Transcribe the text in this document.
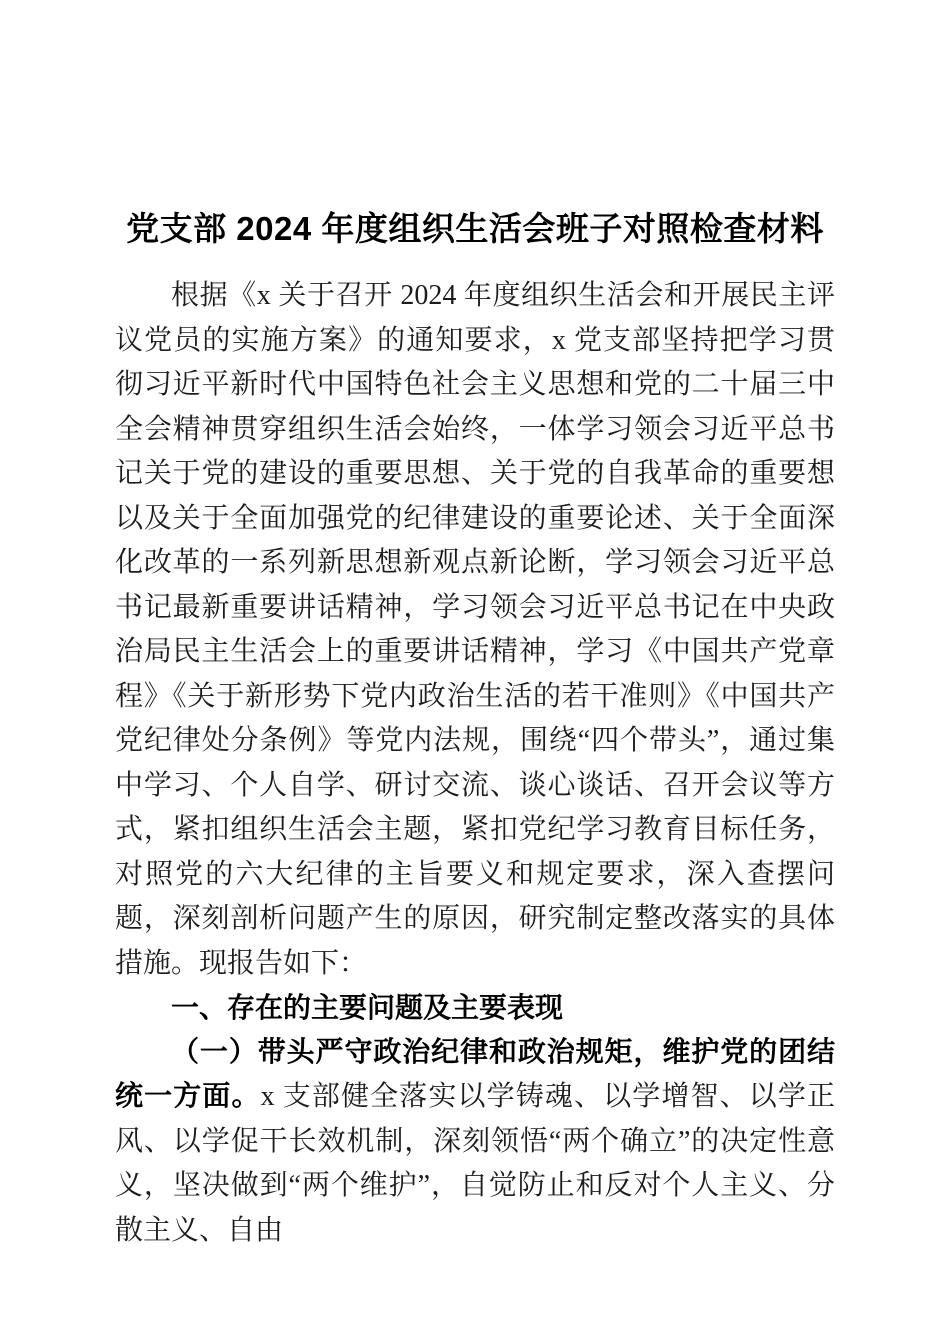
党支部 2024 年度组织生活会班子对照检查材料

根据《x 关于召开 2024 年度组织生活会和开展民主评议党员的实施方案》的通知要求，x 党支部坚持把学习贯彻习近平新时代中国特色社会主义思想和党的二十届三中全会精神贯穿组织生活会始终，一体学习领会习近平总书记关于党的建设的重要思想、关于党的自我革命的重要想以及关于全面加强党的纪律建设的重要论述、关于全面深化改革的一系列新思想新观点新论断，学习领会习近平总书记最新重要讲话精神，学习领会习近平总书记在中央政治局民主生活会上的重要讲话精神，学习《中国共产党章程》《关于新形势下党内政治生活的若干准则》《中国共产党纪律处分条例》等党内法规，围绕“四个带头”，通过集中学习、个人自学、研讨交流、谈心谈话、召开会议等方式，紧扣组织生活会主题，紧扣党纪学习教育目标任务，对照党的六大纪律的主旨要义和规定要求，深入查摆问题，深刻剖析问题产生的原因，研究制定整改落实的具体措施。现报告如下：

一、存在的主要问题及主要表现

（一）带头严守政治纪律和政治规矩，维护党的团结统一方面。x 支部健全落实以学铸魂、以学增智、以学正风、以学促干长效机制，深刻领悟“两个确立”的决定性意义，坚决做到“两个维护”，自觉防止和反对个人主义、分散主义、自由
